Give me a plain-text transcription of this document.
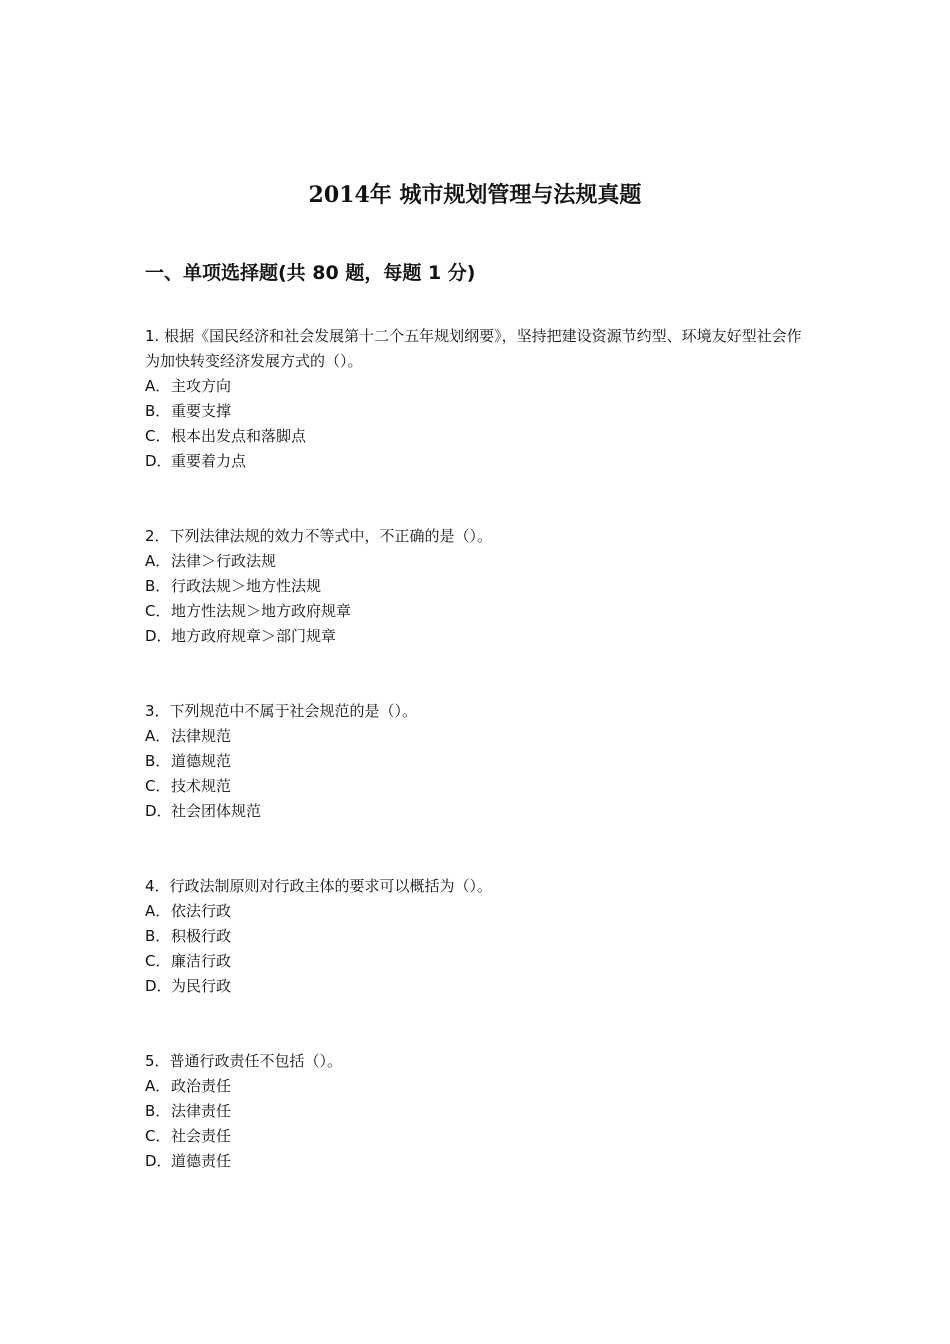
2014年 城市规划管理与法规真题
一、单项选择题(共 80 题，每题 1 分)

1. 根据《国民经济和社会发展第十二个五年规划纲要》，坚持把建设资源节约型、环境友好型社会作为加快转变经济发展方式的（）。

A．主攻方向

B．重要支撑

C．根本出发点和落脚点

D．重要着力点

2．下列法律法规的效力不等式中，不正确的是（）。

A．法律＞行政法规

B．行政法规＞地方性法规

C．地方性法规＞地方政府规章

D．地方政府规章＞部门规章

3．下列规范中不属于社会规范的是（）。

A．法律规范

B．道德规范

C．技术规范

D．社会团体规范

4．行政法制原则对行政主体的要求可以概括为（）。

A．依法行政

B．积极行政

C．廉洁行政

D．为民行政

5．普通行政责任不包括（）。

A．政治责任

B．法律责任

C．社会责任

D．道德责任
